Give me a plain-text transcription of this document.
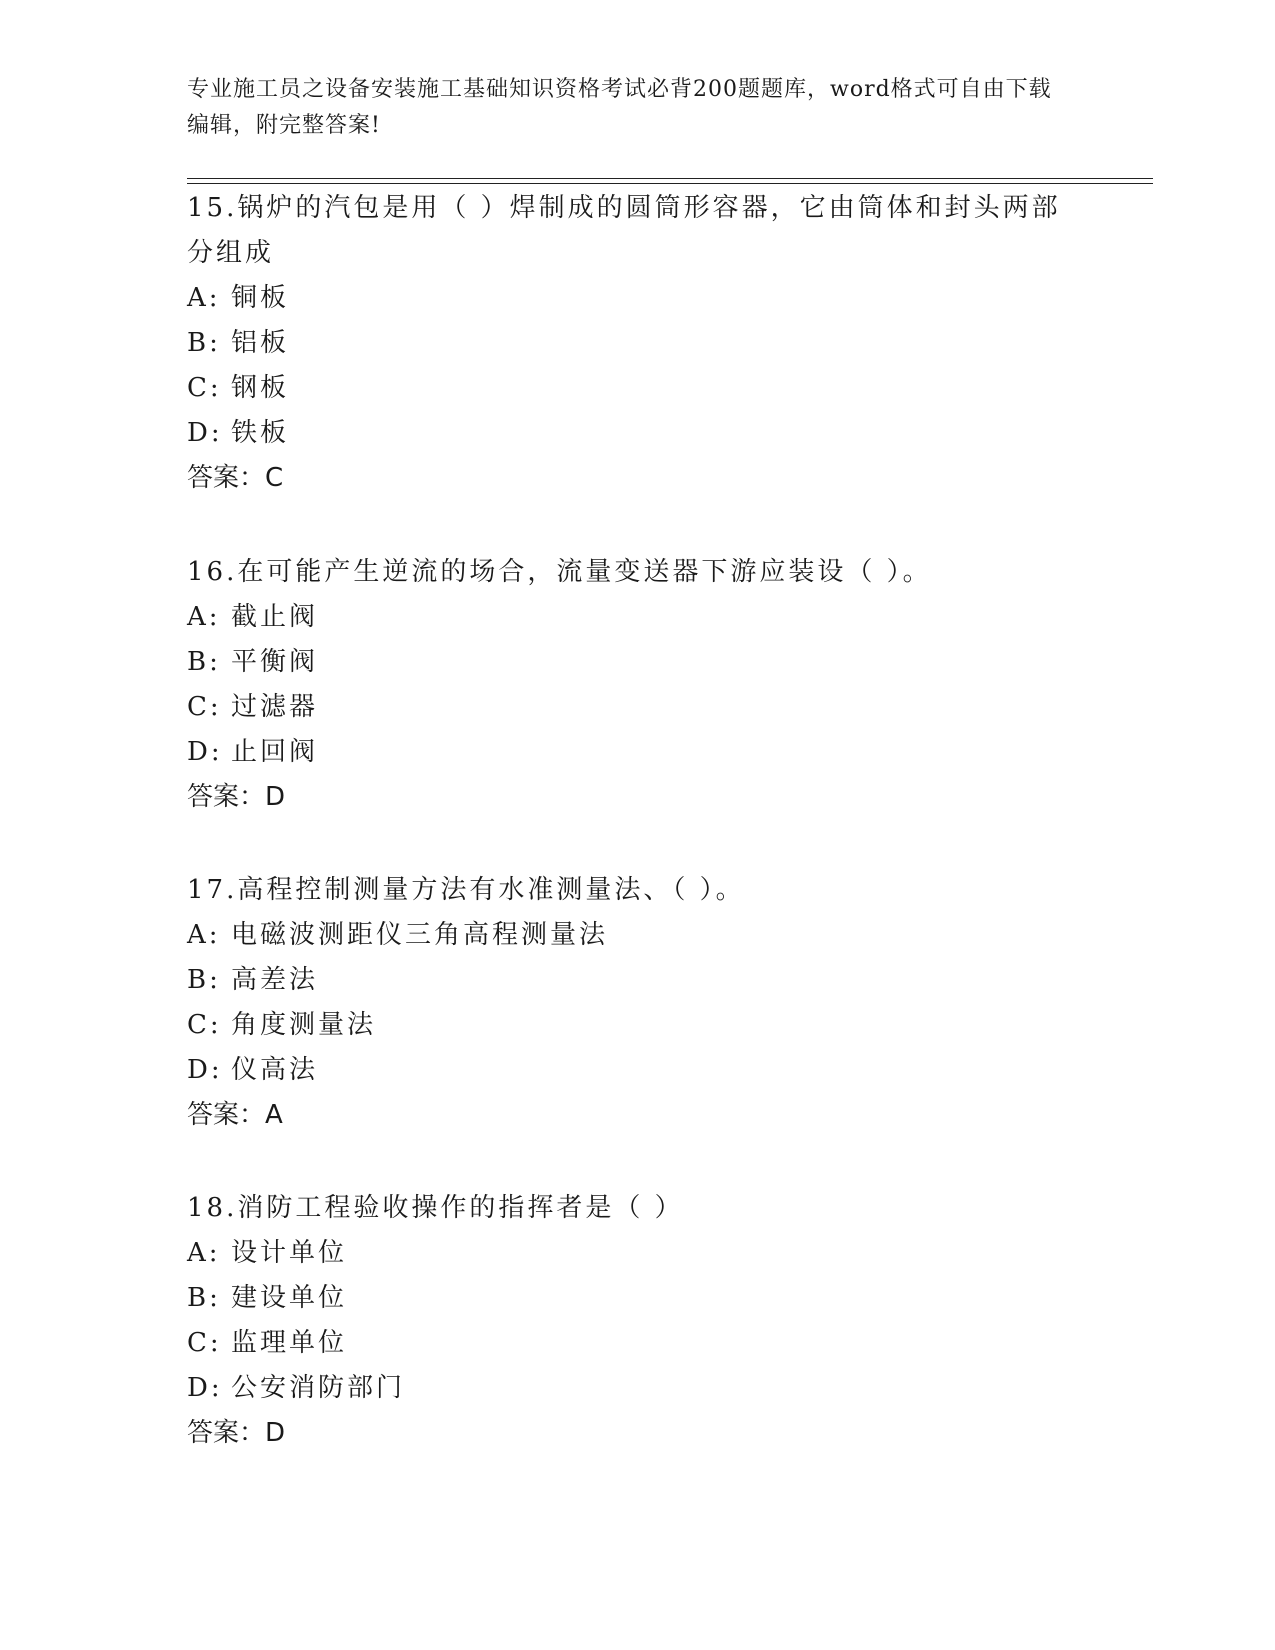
专业施工员之设备安装施工基础知识资格考试必背200题题库，word格式可自由下载编辑，附完整答案!

15.锅炉的汽包是用（ ）焊制成的圆筒形容器，它由筒体和封头两部分组成

A: 铜板
B: 铝板
C: 钢板
D: 铁板

答案：C

16.在可能产生逆流的场合，流量变送器下游应装设（ ）。

A: 截止阀
B: 平衡阀
C: 过滤器
D: 止回阀

答案：D

17.高程控制测量方法有水准测量法、（ ）。

A: 电磁波测距仪三角高程测量法
B: 高差法
C: 角度测量法
D: 仪高法

答案：A

18.消防工程验收操作的指挥者是（ ）

A: 设计单位
B: 建设单位
C: 监理单位
D: 公安消防部门

答案：D
